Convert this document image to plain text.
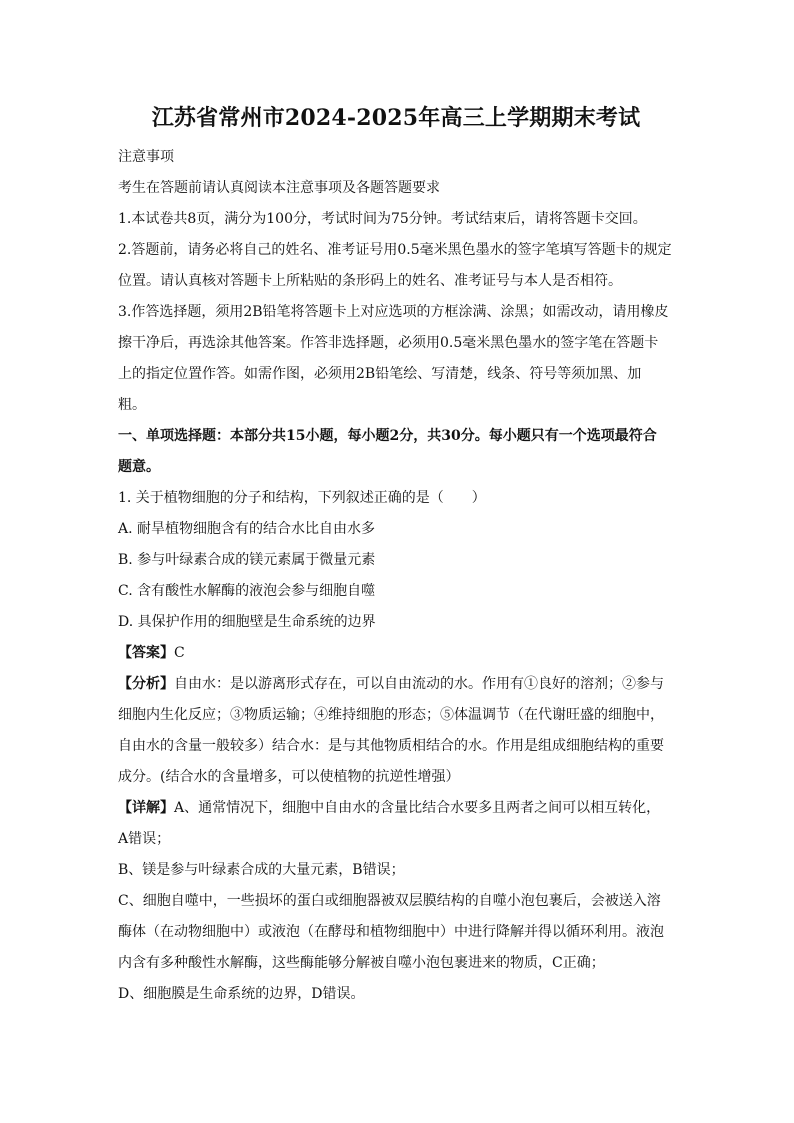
江苏省常州市2024-2025年高三上学期期末考试

注意事项

考生在答题前请认真阅读本注意事项及各题答题要求

1.本试卷共8页，满分为100分，考试时间为75分钟。考试结束后，请将答题卡交回。

2.答题前，请务必将自己的姓名、准考证号用0.5毫米黑色墨水的签字笔填写答题卡的规定

位置。请认真核对答题卡上所粘贴的条形码上的姓名、准考证号与本人是否相符。

3.作答选择题，须用2B铅笔将答题卡上对应选项的方框涂满、涂黑；如需改动，请用橡皮

擦干净后，再选涂其他答案。作答非选择题，必须用0.5毫米黑色墨水的签字笔在答题卡

上的指定位置作答。如需作图，必须用2B铅笔绘、写清楚，线条、符号等须加黑、加

粗。

一、单项选择题：本部分共15小题，每小题2分，共30分。每小题只有一个选项最符合

题意。

1. 关于植物细胞的分子和结构，下列叙述正确的是（　　）

A. 耐旱植物细胞含有的结合水比自由水多

B. 参与叶绿素合成的镁元素属于微量元素

C. 含有酸性水解酶的液泡会参与细胞自噬

D. 具保护作用的细胞壁是生命系统的边界

【答案】C

【分析】自由水：是以游离形式存在，可以自由流动的水。作用有①良好的溶剂；②参与

细胞内生化反应；③物质运输；④维持细胞的形态；⑤体温调节（在代谢旺盛的细胞中，

自由水的含量一般较多）结合水：是与其他物质相结合的水。作用是组成细胞结构的重要

成分。(结合水的含量增多，可以使植物的抗逆性增强）

【详解】A、通常情况下，细胞中自由水的含量比结合水要多且两者之间可以相互转化，

A错误；

B、镁是参与叶绿素合成的大量元素，B错误；

C、细胞自噬中，一些损坏的蛋白或细胞器被双层膜结构的自噬小泡包裹后，会被送入溶

酶体（在动物细胞中）或液泡（在酵母和植物细胞中）中进行降解并得以循环利用。液泡

内含有多种酸性水解酶，这些酶能够分解被自噬小泡包裹进来的物质，C正确；

D、细胞膜是生命系统的边界，D错误。
